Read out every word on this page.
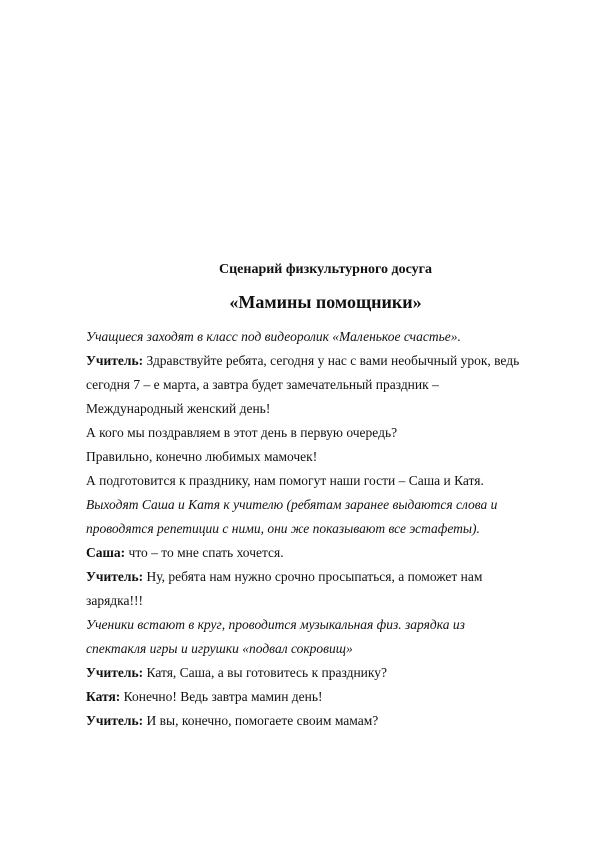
Сценарий физкультурного досуга
«Мамины помощники»
Учащиеся заходят в класс под видеоролик «Маленькое счастье».
Учитель: Здравствуйте ребята, сегодня у нас с вами необычный урок, ведь
сегодня 7 – е марта, а завтра будет замечательный праздник –
Международный женский день!
А кого мы поздравляем в этот день в первую очередь?
Правильно, конечно любимых мамочек!
А подготовится к празднику, нам помогут наши гости – Саша и Катя.
Выходят Саша и Катя к учителю (ребятам заранее выдаются слова и
проводятся репетиции с ними, они же показывают все эстафеты).
Саша: что – то мне спать хочется.
Учитель: Ну, ребята нам нужно срочно просыпаться, а поможет нам
зарядка!!!
Ученики встают в круг, проводится музыкальная физ. зарядка из
спектакля игры и игрушки «подвал сокровищ»
Учитель: Катя, Саша, а вы готовитесь к празднику?
Катя: Конечно! Ведь завтра мамин день!
Учитель: И вы, конечно, помогаете своим мамам?
